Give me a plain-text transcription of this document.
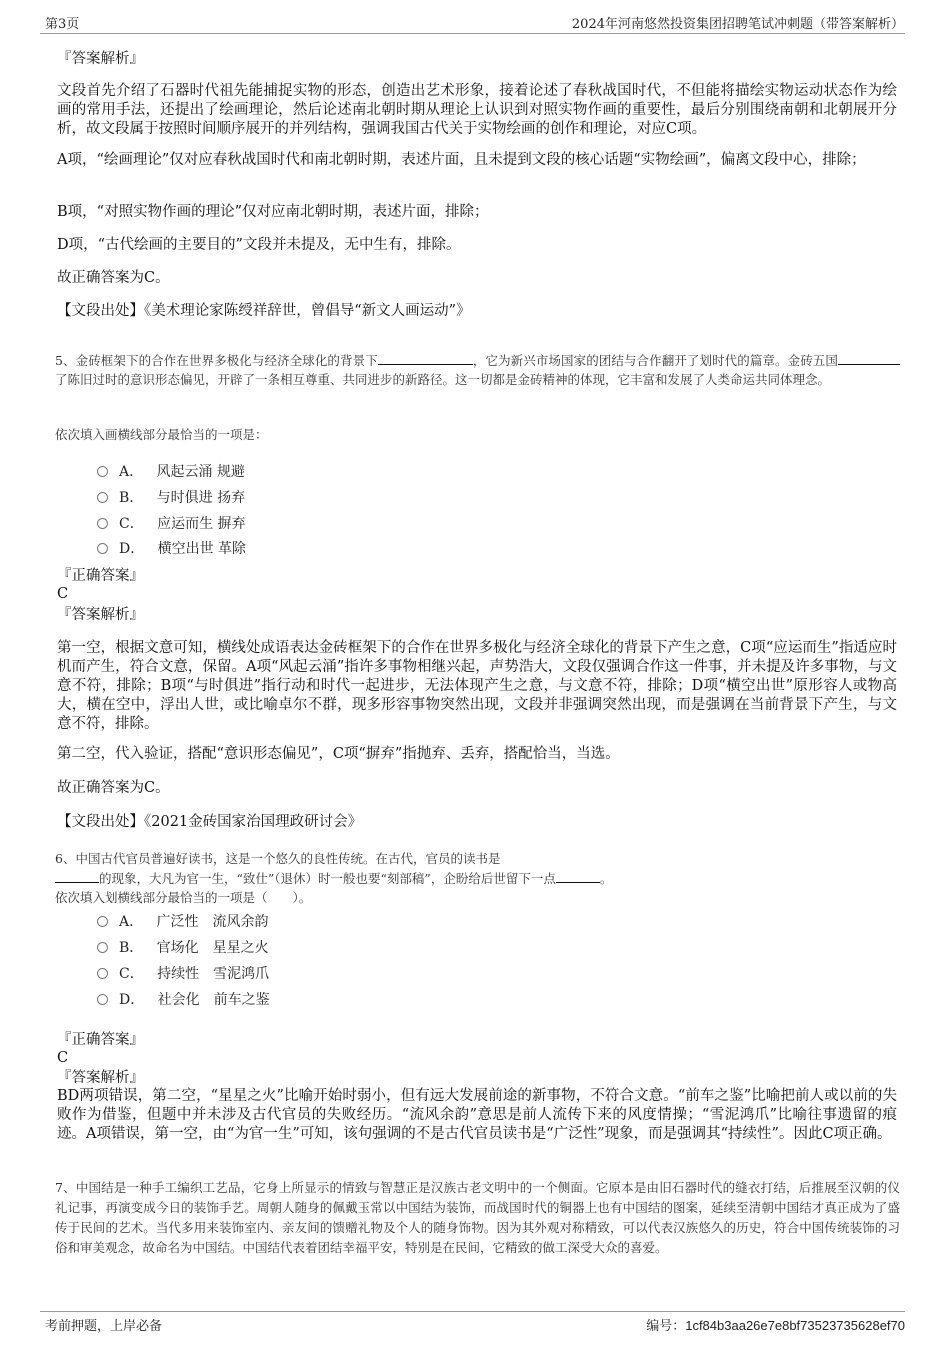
第3页	2024年河南悠然投资集团招聘笔试冲刺题（带答案解析）
『答案解析』

文段首先介绍了石器时代祖先能捕捉实物的形态，创造出艺术形象，接着论述了春秋战国时代，不但能将描绘实物运动状态作为绘画的常用手法，还提出了绘画理论，然后论述南北朝时期从理论上认识到对照实物作画的重要性，最后分别围绕南朝和北朝展开分析，故文段属于按照时间顺序展开的并列结构，强调我国古代关于实物绘画的创作和理论，对应C项。

A项，“绘画理论”仅对应春秋战国时代和南北朝时期，表述片面，且未提到文段的核心话题“实物绘画”，偏离文段中心，排除；

B项，“对照实物作画的理论”仅对应南北朝时期，表述片面，排除；

D项，“古代绘画的主要目的”文段并未提及，无中生有，排除。

故正确答案为C。

【文段出处】《美术理论家陈绶祥辞世，曾倡导“新文人画运动”》

5、金砖框架下的合作在世界多极化与经济全球化的背景下	，它为新兴市场国家的团结与合作翻开了划时代的篇章。金砖五国了陈旧过时的意识形态偏见，开辟了一条相互尊重、共同进步的新路径。这一切都是金砖精神的体现，它丰富和发展了人类命运共同体理念。

依次填入画横线部分最恰当的一项是：

A． 风起云涌 规避
B． 与时俱进 扬弃
C． 应运而生 摒弃
D． 横空出世 革除
『正确答案』
C
『答案解析』

第一空，根据文意可知，横线处成语表达金砖框架下的合作在世界多极化与经济全球化的背景下产生之意，C项“应运而生”指适应时机而产生，符合文意，保留。A项“风起云涌”指许多事物相继兴起，声势浩大，文段仅强调合作这一件事，并未提及许多事物，与文意不符，排除；B项“与时俱进”指行动和时代一起进步，无法体现产生之意，与文意不符，排除；D项“横空出世”原形容人或物高大，横在空中，浮出人世，或比喻卓尔不群，现多形容事物突然出现，文段并非强调突然出现，而是强调在当前背景下产生，与文意不符，排除。

第二空，代入验证，搭配“意识形态偏见”，C项“摒弃”指抛弃、丢弃，搭配恰当，当选。

故正确答案为C。

【文段出处】《2021金砖国家治国理政研讨会》

6、中国古代官员普遍好读书，这是一个悠久的良性传统。在古代，官员的读书是

的现象，大凡为官一生，“致仕”（退休）时一般也要“刻部稿”，企盼给后世留下一点	。

依次填入划横线部分最恰当的一项是（　　）。

A． 广泛性　流风余韵
B． 官场化　星星之火
C． 持续性　雪泥鸿爪
D． 社会化　前车之鉴
『正确答案』
C
『答案解析』

BD两项错误，第二空，“星星之火”比喻开始时弱小，但有远大发展前途的新事物，不符合文意。“前车之鉴”比喻把前人或以前的失败作为借鉴，但题中并未涉及古代官员的失败经历。“流风余韵”意思是前人流传下来的风度情操；“雪泥鸿爪”比喻往事遗留的痕迹。A项错误，第一空，由“为官一生”可知，该句强调的不是古代官员读书是“广泛性”现象，而是强调其“持续性”。因此C项正确。

7、中国结是一种手工编织工艺品，它身上所显示的情致与智慧正是汉族古老文明中的一个侧面。它原本是由旧石器时代的缝衣打结，后推展至汉朝的仪礼记事，再演变成今日的装饰手艺。周朝人随身的佩戴玉常以中国结为装饰，而战国时代的铜器上也有中国结的图案，延续至清朝中国结才真正成为了盛传于民间的艺术。当代多用来装饰室内、亲友间的馈赠礼物及个人的随身饰物。因为其外观对称精致，可以代表汉族悠久的历史，符合中国传统装饰的习俗和审美观念，故命名为中国结。中国结代表着团结幸福平安，特别是在民间，它精致的做工深受大众的喜爱。

考前押题，上岸必备	编号：1cf84b3aa26e7e8bf73523735628ef70
